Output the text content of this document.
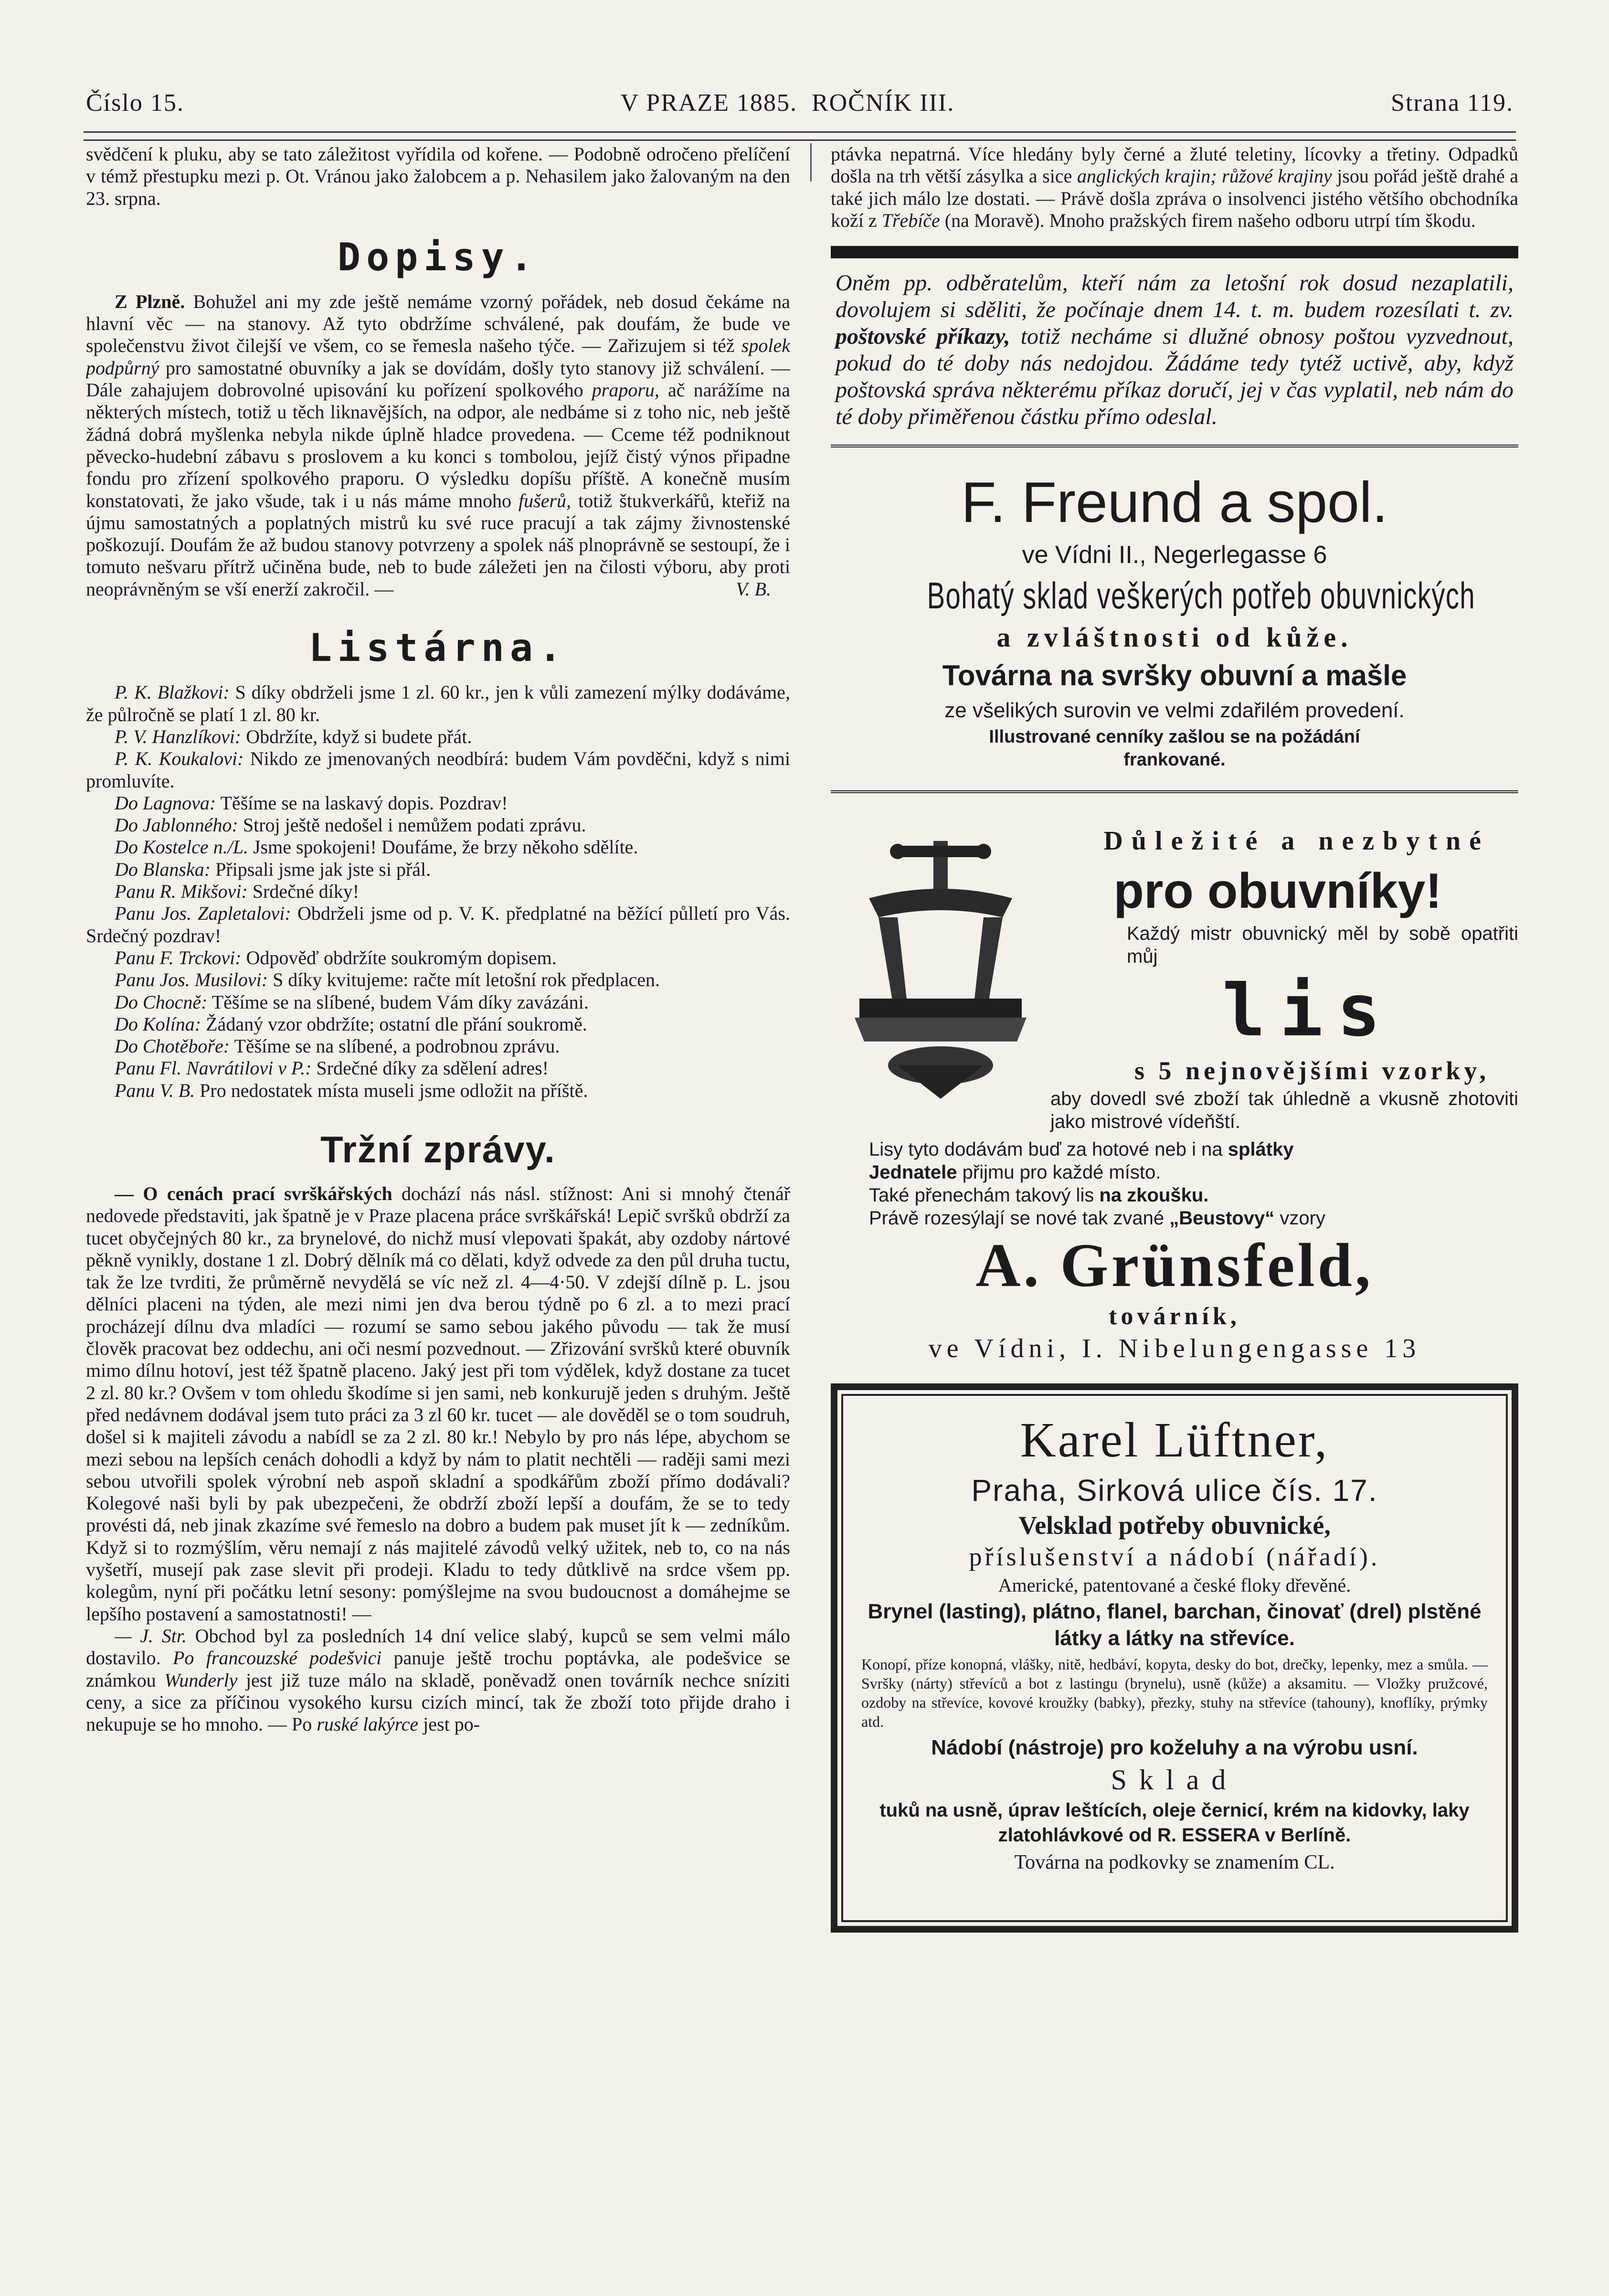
Číslo 15.	V PRAZE 1885. ROČNÍK III.	Strana 119.

svědčení k pluku, aby se tato záležitost vyřídila od kořene. — Podobně odročeno přelíčení v témž přestupku mezi p. Ot. Vránou jako žalobcem a p. Nehasilem jako žalovaným na den 23. srpna.

Dopisy.

Z Plzně. Bohužel ani my zde ještě nemáme vzorný pořádek, neb dosud čekáme na hlavní věc — na stanovy. Až tyto obdržíme schválené, pak doufám, že bude ve společenstvu život čilejší ve všem, co se řemesla našeho týče. — Zařizujem si též spolek podpůrný pro samostatné obuvníky a jak se dovídám, došly tyto stanovy již schválení. — Dále zahajujem dobrovolné upisování ku pořízení spolkového praporu, ač narážíme na některých místech, totiž u těch liknavějších, na odpor, ale nedbáme si z toho nic, neb ještě žádná dobrá myšlenka nebyla nikde úplně hladce provedena. — Cceme též podniknout pěvecko-hudební zábavu s proslovem a ku konci s tombolou, jejíž čistý výnos připadne fondu pro zřízení spolkového praporu. O výsledku dopíšu příště. A konečně musím konstatovati, že jako všude, tak i u nás máme mnoho fušerů, totiž štukverkářů, kteřiž na újmu samostatných a poplatných mistrů ku své ruce pracují a tak zájmy živnostenské poškozují. Doufám že až budou stanovy potvrzeny a spolek náš plnoprávně se sestoupí, že i tomuto nešvaru přítrž učiněna bude, neb to bude záležeti jen na čilosti výboru, aby proti neoprávněným se vší enerží zakročil. —	V. B.

Listárna.

P. K. Blažkovi: S díky obdrželi jsme 1 zl. 60 kr., jen k vůli zamezení mýlky dodáváme, že půlročně se platí 1 zl. 80 kr.

P. V. Hanzlíkovi: Obdržíte, když si budete přát.

P. K. Koukalovi: Nikdo ze jmenovaných neodbírá: budem Vám povděčni, když s nimi promluvíte.

Do Lagnova: Těšíme se na laskavý dopis. Pozdrav!

Do Jablonného: Stroj ještě nedošel i nemůžem podati zprávu.

Do Kostelce n./L. Jsme spokojeni! Doufáme, že brzy někoho sdělíte.

Do Blanska: Připsali jsme jak jste si přál.

Panu R. Mikšovi: Srdečné díky!

Panu Jos. Zapletalovi: Obdrželi jsme od p. V. K. předplatné na běžící půlletí pro Vás. Srdečný pozdrav!

Panu F. Trckovi: Odpověď obdržíte soukromým dopisem.

Panu Jos. Musilovi: S díky kvitujeme: račte mít letošní rok předplacen.

Do Chocně: Těšíme se na slíbené, budem Vám díky zavázáni.

Do Kolína: Žádaný vzor obdržíte; ostatní dle přání soukromě.

Do Chotěboře: Těšíme se na slíbené, a podrobnou zprávu.

Panu Fl. Navrátilovi v P.: Srdečné díky za sdělení adres!

Panu V. B. Pro nedostatek místa museli jsme odložit na příště.

Tržní zprávy.

— O cenách prací svrškářských dochází nás násl. stížnost: Ani si mnohý čtenář nedovede představiti, jak špatně je v Praze placena práce svrškářská! Lepič svršků obdrží za tucet obyčejných 80 kr., za brynelové, do nichž musí vlepovati špakát, aby ozdoby nártové pěkně vynikly, dostane 1 zl. Dobrý dělník má co dělati, když odvede za den půl druha tuctu, tak že lze tvrditi, že průměrně nevydělá se víc než zl. 4—4·50. V zdejší dílně p. L. jsou dělníci placeni na týden, ale mezi nimi jen dva berou týdně po 6 zl. a to mezi prací procházejí dílnu dva mladíci — rozumí se samo sebou jakého původu — tak že musí člověk pracovat bez oddechu, ani oči nesmí pozvednout. — Zřizování svršků které obuvník mimo dílnu hotoví, jest též špatně placeno. Jaký jest při tom výdělek, když dostane za tucet 2 zl. 80 kr.? Ovšem v tom ohledu škodíme si jen sami, neb konkurujě jeden s druhým. Ještě před nedávnem dodával jsem tuto práci za 3 zl 60 kr. tucet — ale dověděl se o tom soudruh, došel si k majiteli závodu a nabídl se za 2 zl. 80 kr.! Nebylo by pro nás lépe, abychom se mezi sebou na lepších cenách dohodli a když by nám to platit nechtěli — raději sami mezi sebou utvořili spolek výrobní neb aspoň skladní a spodkářům zboží přímo dodávali? Kolegové naši byli by pak ubezpečeni, že obdrží zboží lepší a doufám, že se to tedy provésti dá, neb jinak zkazíme své řemeslo na dobro a budem pak muset jít k — zedníkům. Když si to rozmýšlím, věru nemají z nás majitelé závodů velký užitek, neb to, co na nás vyšetří, musejí pak zase slevit při prodeji. Kladu to tedy důtklivě na srdce všem pp. kolegům, nyní při počátku letní sesony: pomýšlejme na svou budoucnost a domáhejme se lepšího postavení a samostatnosti! —

— J. Str. Obchod byl za posledních 14 dní velice slabý, kupců se sem velmi málo dostavilo. Po francouzské podešvici panuje ještě trochu poptávka, ale podešvice se známkou Wunderly jest již tuze málo na skladě, poněvadž onen továrník nechce sníziti ceny, a sice za příčinou vysokého kursu cizích mincí, tak že zboží toto přijde draho i nekupuje se ho mnoho. — Po ruské lakýrce jest po-

ptávka nepatrná. Více hledány byly černé a žluté teletiny, lícovky a třetiny. Odpadků došla na trh větší zásylka a sice anglických krajin; růžové krajiny jsou pořád ještě drahé a také jich málo lze dostati. — Právě došla zpráva o insolvenci jistého většího obchodníka koží z Třebíče (na Moravě). Mnoho pražských firem našeho odboru utrpí tím škodu.

Oněm pp. odběratelům, kteří nám za letošní rok dosud nezaplatili, dovolujem si sděliti, že počínaje dnem 14. t. m. budem rozesílati t. zv. poštovské příkazy, totiž necháme si dlužné obnosy poštou vyzvednout, pokud do té doby nás nedojdou. Žádáme tedy tytéž uctivě, aby, když poštovská správa některému příkaz doručí, jej v čas vyplatil, neb nám do té doby přiměřenou částku přímo odeslal.

F. Freund a spol.
ve Vídni II., Negerlegasse 6
Bohatý sklad veškerých potřeb obuvnických
a zvláštnosti od kůže.
Továrna na svršky obuvní a mašle
ze všelikých surovin ve velmi zdařilém provedení.
Illustrované cenníky zašlou se na požádání
frankované.
Důležité a nezbytné
pro obuvníky!
Každý mistr obuvnický měl by sobě opatřiti můj
lis
s 5 nejnovějšími vzorky,
aby dovedl své zboží tak úhledně a vkusně zhotoviti jako mistrové vídeňští.
Lisy tyto dodávám buď za hotové neb i na splátky
Jednatele přijmu pro každé místo.
Také přenechám takový lis na zkoušku.
Právě rozesýlají se nové tak zvané „Beustovy“ vzory
A. Grünsfeld,
továrník,
ve Vídni, I. Nibelungengasse 13
Karel Lüftner,
Praha, Sirková ulice čís. 17.
Velsklad potřeby obuvnické,
příslušenství a nádobí (nářadí).
Americké, patentované a české floky dřevěné.
Brynel (lasting), plátno, flanel, barchan, činovať (drel) plstěné látky a látky na střevíce.

Konopí, příze konopná, vlášky, nitě, hedbáví, kopyta, desky do bot, drečky, lepenky, mez a smůla. — Svršky (nárty) střevíců a bot z lastingu (brynelu), usně (kůže) a aksamitu. — Vložky pružcové, ozdoby na střevíce, kovové kroužky (babky), přezky, stuhy na střevíce (tahouny), knoflíky, prýmky atd.

Nádobí (nástroje) pro koželuhy a na výrobu usní.
Sklad
tuků na usně, úprav leštících, oleje černicí, krém na kidovky, laky zlatohlávkové od R. ESSERA v Berlíně.
Továrna na podkovky se znamením CL.
